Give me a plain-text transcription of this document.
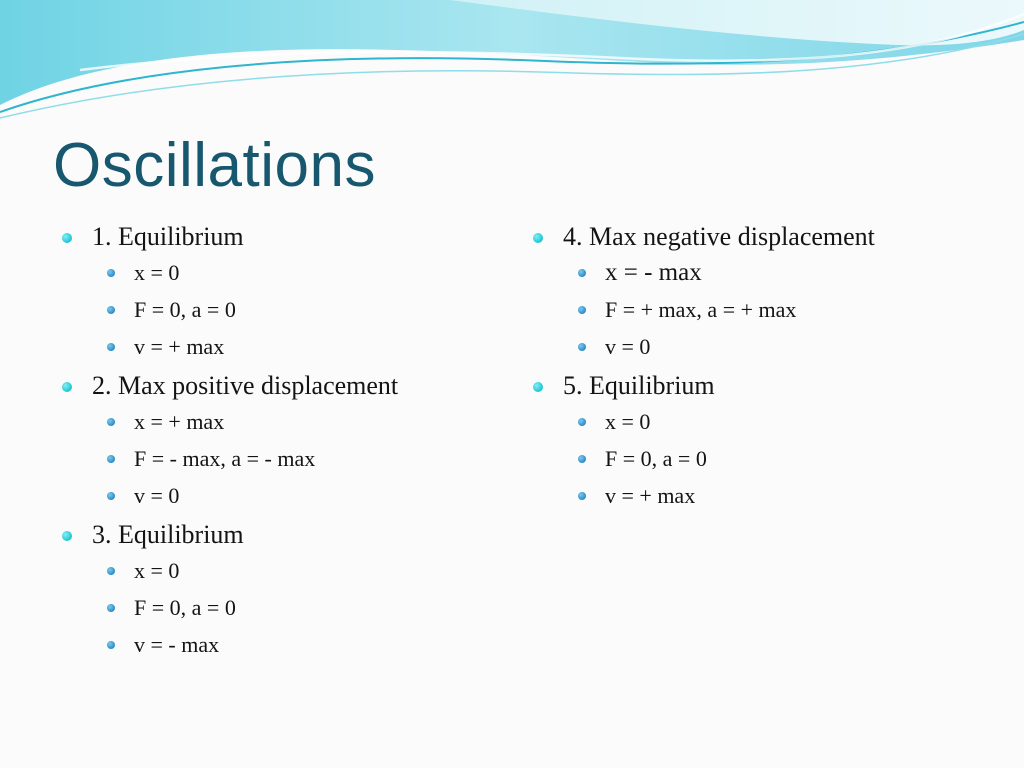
Oscillations
1. Equilibrium
x = 0
F = 0, a = 0
v = + max
2. Max positive displacement
x = + max
F = - max, a = - max
v = 0
3. Equilibrium
x = 0
F = 0, a = 0
v = - max
4. Max negative displacement
x = - max
F = + max, a = + max
v = 0
5. Equilibrium
x = 0
F = 0, a = 0
v = + max
